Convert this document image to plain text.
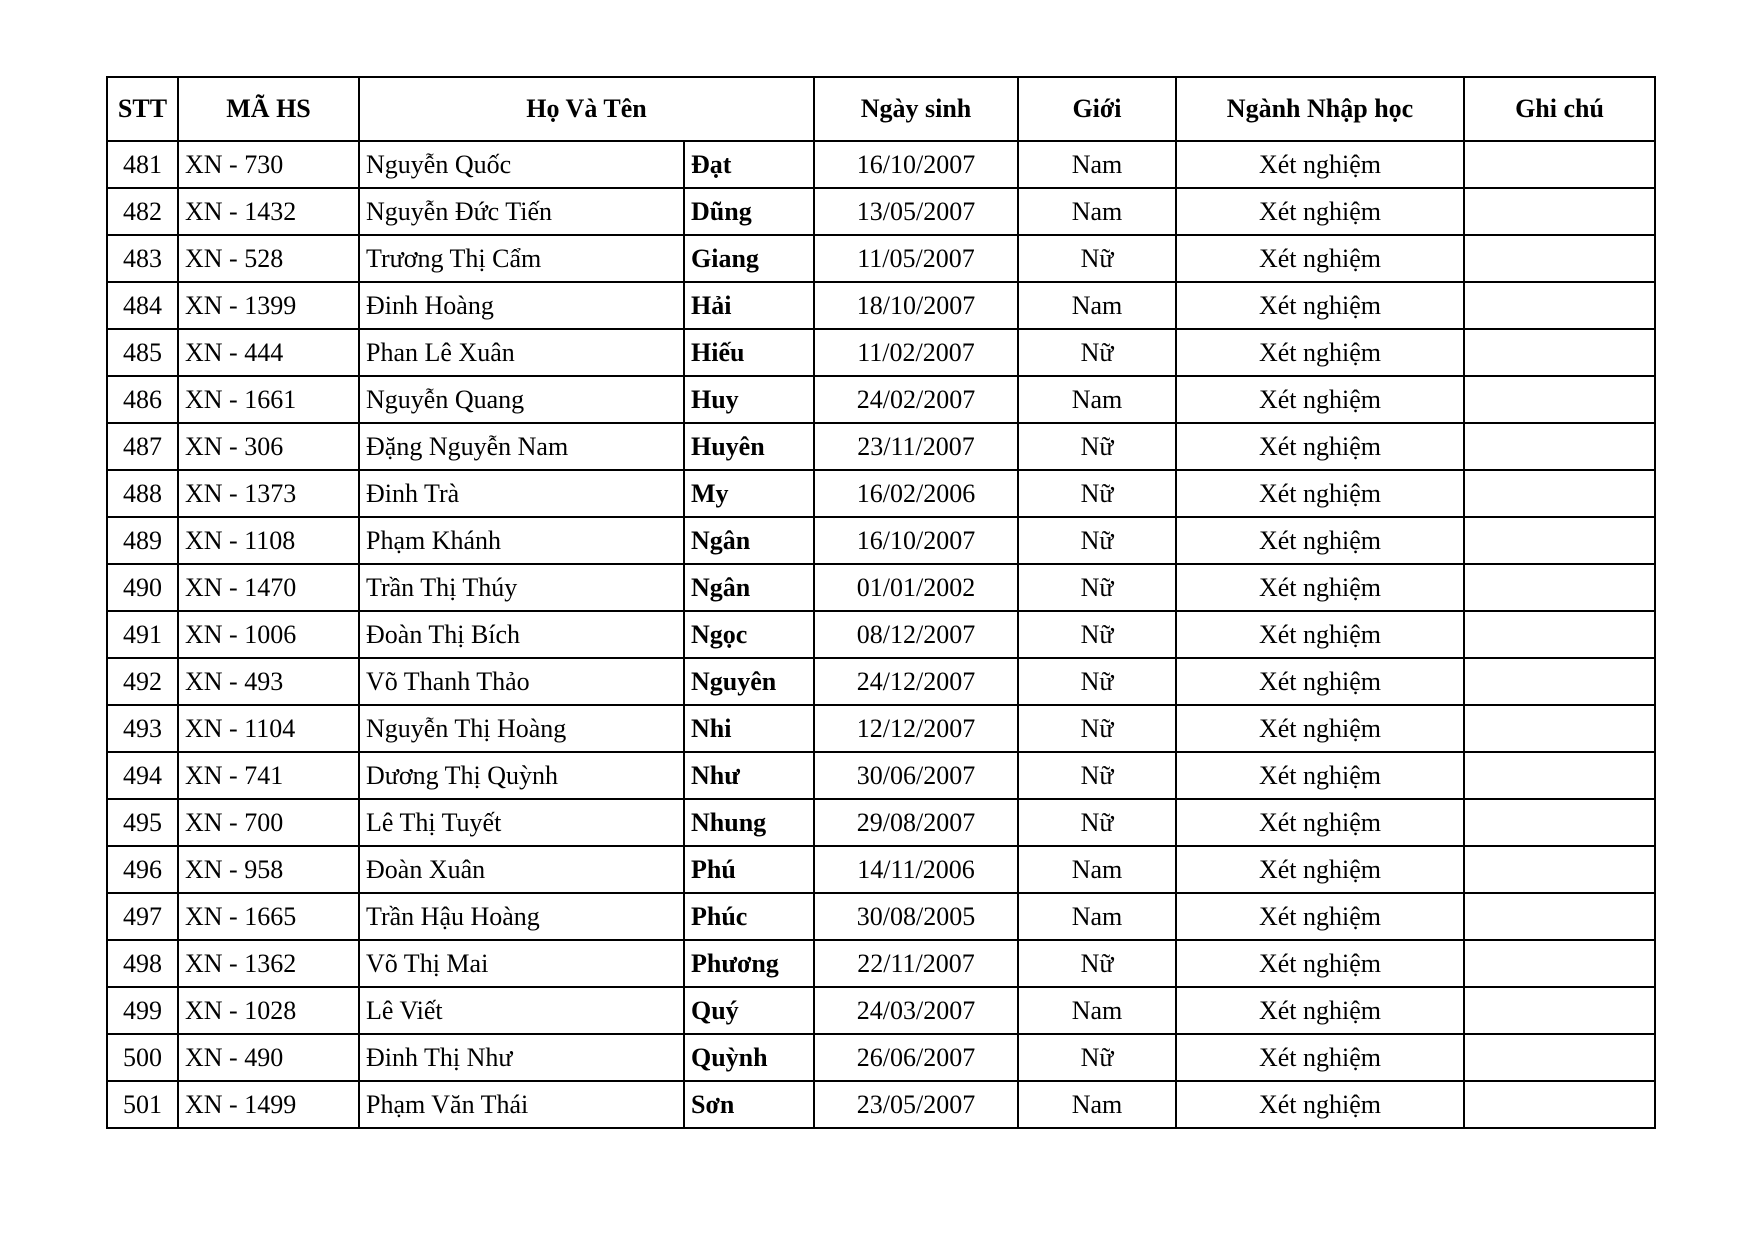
STT	MÃ HS	Họ Và Tên		Ngày sinh	Giới	Ngành Nhập học	Ghi chú
481	XN - 730	Nguyễn Quốc	Đạt	16/10/2007	Nam	Xét nghiệm	
482	XN - 1432	Nguyễn Đức Tiến	Dũng	13/05/2007	Nam	Xét nghiệm	
483	XN - 528	Trương Thị Cẩm	Giang	11/05/2007	Nữ	Xét nghiệm	
484	XN - 1399	Đinh Hoàng	Hải	18/10/2007	Nam	Xét nghiệm	
485	XN - 444	Phan Lê Xuân	Hiếu	11/02/2007	Nữ	Xét nghiệm	
486	XN - 1661	Nguyễn Quang	Huy	24/02/2007	Nam	Xét nghiệm	
487	XN - 306	Đặng Nguyễn Nam	Huyên	23/11/2007	Nữ	Xét nghiệm	
488	XN - 1373	Đinh Trà	My	16/02/2006	Nữ	Xét nghiệm	
489	XN - 1108	Phạm Khánh	Ngân	16/10/2007	Nữ	Xét nghiệm	
490	XN - 1470	Trần Thị Thúy	Ngân	01/01/2002	Nữ	Xét nghiệm	
491	XN - 1006	Đoàn Thị Bích	Ngọc	08/12/2007	Nữ	Xét nghiệm	
492	XN - 493	Võ Thanh Thảo	Nguyên	24/12/2007	Nữ	Xét nghiệm	
493	XN - 1104	Nguyễn Thị Hoàng	Nhi	12/12/2007	Nữ	Xét nghiệm	
494	XN - 741	Dương Thị Quỳnh	Như	30/06/2007	Nữ	Xét nghiệm	
495	XN - 700	Lê Thị Tuyết	Nhung	29/08/2007	Nữ	Xét nghiệm	
496	XN - 958	Đoàn Xuân	Phú	14/11/2006	Nam	Xét nghiệm	
497	XN - 1665	Trần Hậu Hoàng	Phúc	30/08/2005	Nam	Xét nghiệm	
498	XN - 1362	Võ Thị Mai	Phương	22/11/2007	Nữ	Xét nghiệm	
499	XN - 1028	Lê Viết	Quý	24/03/2007	Nam	Xét nghiệm	
500	XN - 490	Đinh Thị Như	Quỳnh	26/06/2007	Nữ	Xét nghiệm	
501	XN - 1499	Phạm Văn Thái	Sơn	23/05/2007	Nam	Xét nghiệm	
